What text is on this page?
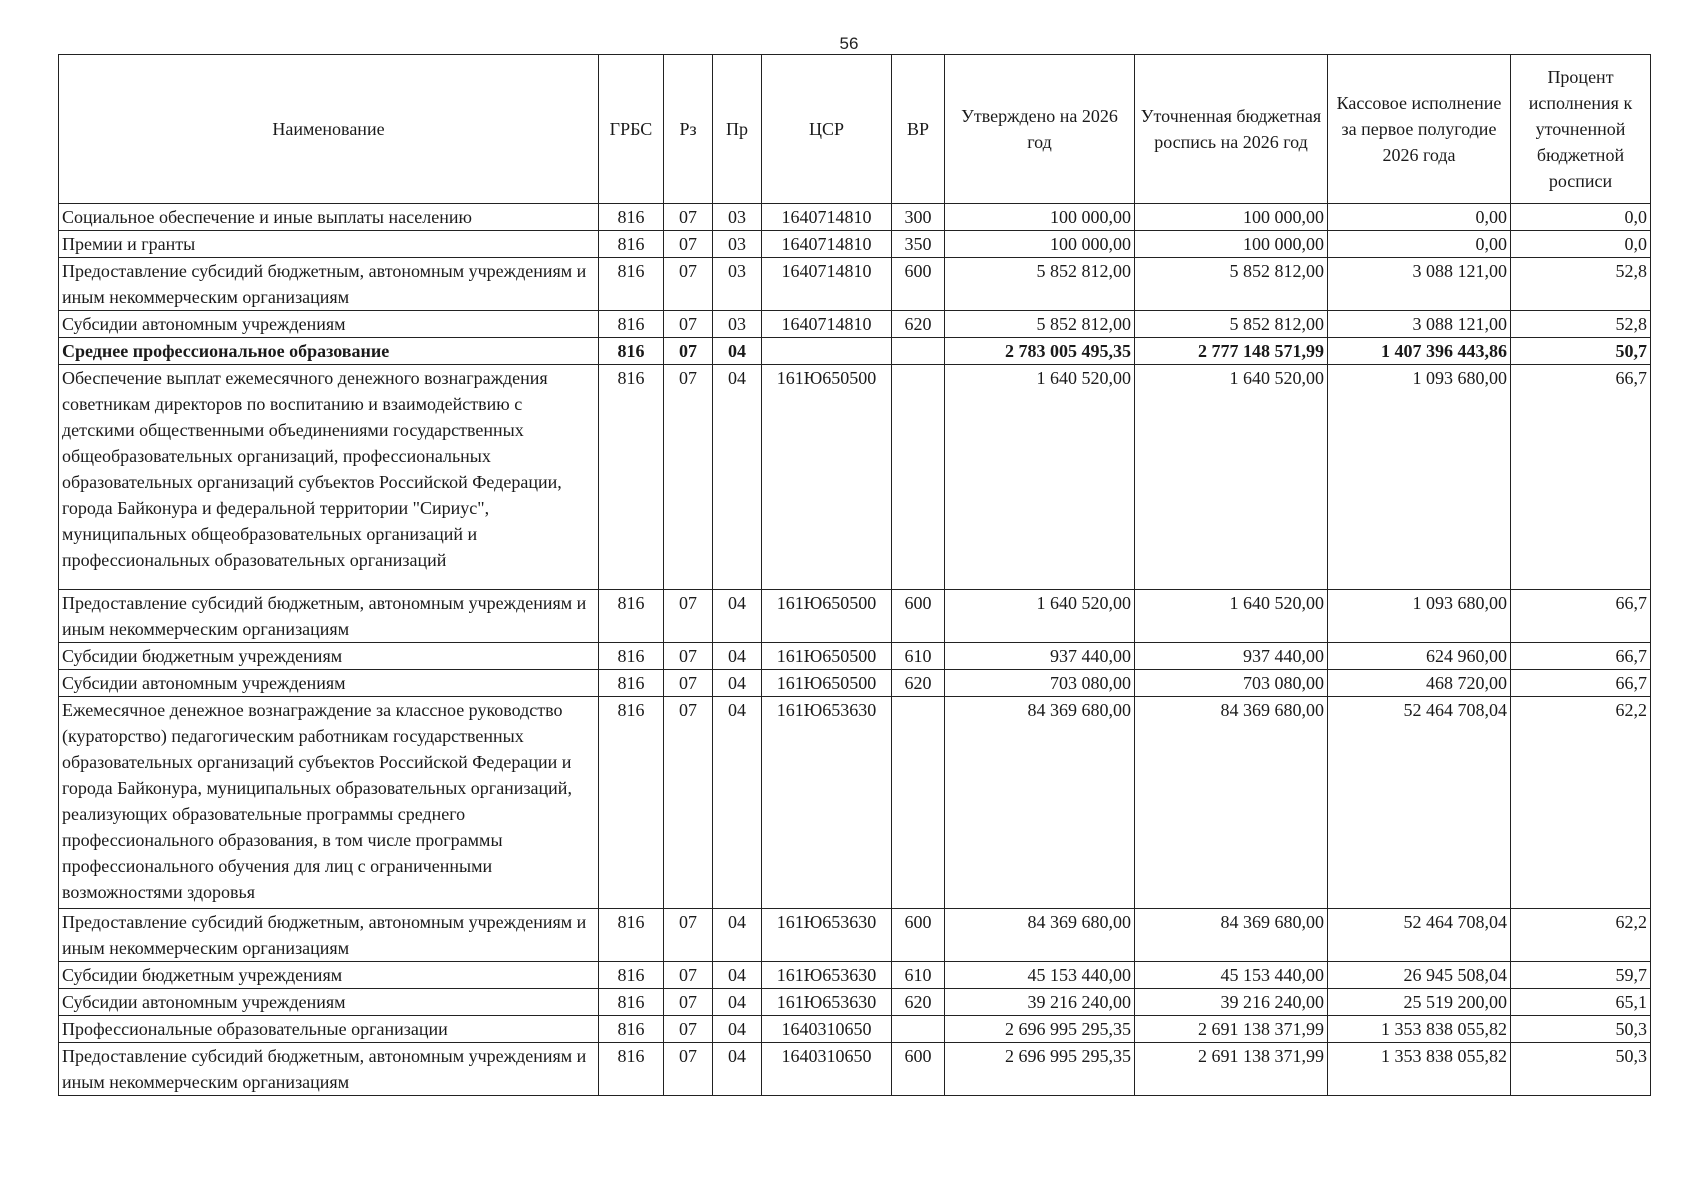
56
Наименование	ГРБС	Рз	Пр	ЦСР	ВР	Утверждено на 2026 год	Уточненная бюджетная роспись на 2026 год	Кассовое исполнение за первое полугодие 2026 года	Процент исполнения к уточненной бюджетной росписи
Социальное обеспечение и иные выплаты населению	816	07	03	1640714810	300	100 000,00	100 000,00	0,00	0,0
Премии и гранты	816	07	03	1640714810	350	100 000,00	100 000,00	0,00	0,0
Предоставление субсидий бюджетным, автономным учреждениям и иным некоммерческим организациям	816	07	03	1640714810	600	5 852 812,00	5 852 812,00	3 088 121,00	52,8
Субсидии автономным учреждениям	816	07	03	1640714810	620	5 852 812,00	5 852 812,00	3 088 121,00	52,8
Среднее профессиональное образование	816	07	04			2 783 005 495,35	2 777 148 571,99	1 407 396 443,86	50,7
Обеспечение выплат ежемесячного денежного вознаграждения советникам директоров по воспитанию и взаимодействию с детскими общественными объединениями государственных общеобразовательных организаций, профессиональных образовательных организаций субъектов Российской Федерации, города Байконура и федеральной территории "Сириус", муниципальных общеобразовательных организаций и профессиональных образовательных организаций	816	07	04	161Ю650500		1 640 520,00	1 640 520,00	1 093 680,00	66,7
Предоставление субсидий бюджетным, автономным учреждениям и иным некоммерческим организациям	816	07	04	161Ю650500	600	1 640 520,00	1 640 520,00	1 093 680,00	66,7
Субсидии бюджетным учреждениям	816	07	04	161Ю650500	610	937 440,00	937 440,00	624 960,00	66,7
Субсидии автономным учреждениям	816	07	04	161Ю650500	620	703 080,00	703 080,00	468 720,00	66,7
Ежемесячное денежное вознаграждение за классное руководство (кураторство) педагогическим работникам государственных образовательных организаций субъектов Российской Федерации и города Байконура, муниципальных образовательных организаций, реализующих образовательные программы среднего профессионального образования, в том числе программы профессионального обучения для лиц с ограниченными возможностями здоровья	816	07	04	161Ю653630		84 369 680,00	84 369 680,00	52 464 708,04	62,2
Предоставление субсидий бюджетным, автономным учреждениям и иным некоммерческим организациям	816	07	04	161Ю653630	600	84 369 680,00	84 369 680,00	52 464 708,04	62,2
Субсидии бюджетным учреждениям	816	07	04	161Ю653630	610	45 153 440,00	45 153 440,00	26 945 508,04	59,7
Субсидии автономным учреждениям	816	07	04	161Ю653630	620	39 216 240,00	39 216 240,00	25 519 200,00	65,1
Профессиональные образовательные организации	816	07	04	1640310650		2 696 995 295,35	2 691 138 371,99	1 353 838 055,82	50,3
Предоставление субсидий бюджетным, автономным учреждениям и иным некоммерческим организациям	816	07	04	1640310650	600	2 696 995 295,35	2 691 138 371,99	1 353 838 055,82	50,3
